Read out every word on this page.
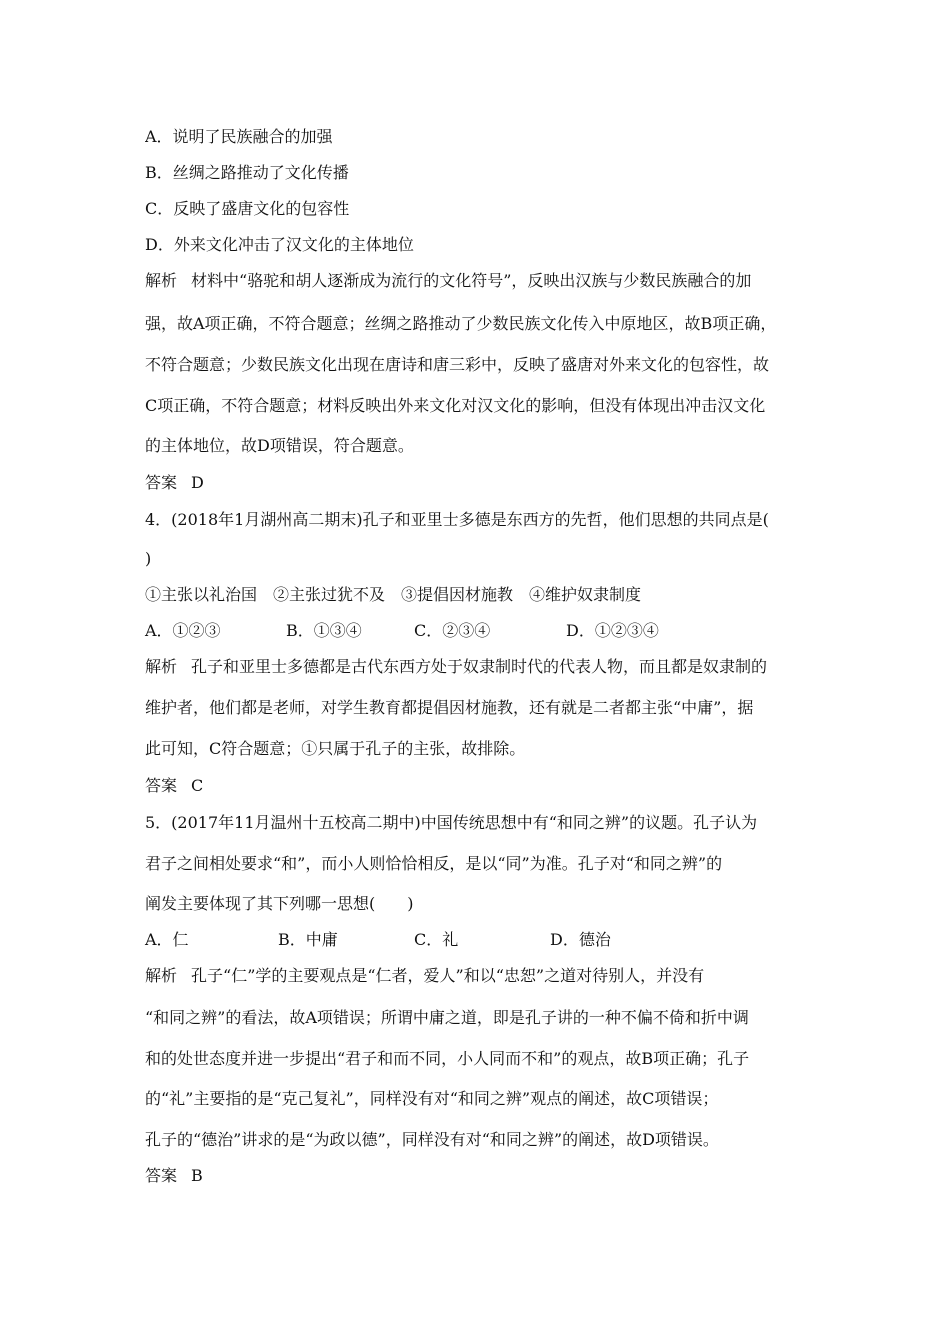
A．说明了民族融合的加强
B．丝绸之路推动了文化传播
C．反映了盛唐文化的包容性
D．外来文化冲击了汉文化的主体地位
解析 材料中“骆驼和胡人逐渐成为流行的文化符号”，反映出汉族与少数民族融合的加
强，故A项正确，不符合题意；丝绸之路推动了少数民族文化传入中原地区，故B项正确，
不符合题意；少数民族文化出现在唐诗和唐三彩中，反映了盛唐对外来文化的包容性，故
C项正确，不符合题意；材料反映出外来文化对汉文化的影响，但没有体现出冲击汉文化
的主体地位，故D项错误，符合题意。
答案 D
4．(2018年1月湖州高二期末)孔子和亚里士多德是东西方的先哲，他们思想的共同点是(
)
①主张以礼治国　②主张过犹不及　③提倡因材施教　④维护奴隶制度
A．①②③	B．①③④	C．②③④	D．①②③④
解析 孔子和亚里士多德都是古代东西方处于奴隶制时代的代表人物，而且都是奴隶制的
维护者，他们都是老师，对学生教育都提倡因材施教，还有就是二者都主张“中庸”，据
此可知，C符合题意；①只属于孔子的主张，故排除。
答案 C
5．(2017年11月温州十五校高二期中)中国传统思想中有“和同之辨”的议题。孔子认为
君子之间相处要求“和”，而小人则恰恰相反，是以“同”为准。孔子对“和同之辨”的
阐发主要体现了其下列哪一思想(　　)
A．仁	B．中庸	C．礼	D．德治
解析 孔子“仁”学的主要观点是“仁者，爱人”和以“忠恕”之道对待别人，并没有
“和同之辨”的看法，故A项错误；所谓中庸之道，即是孔子讲的一种不偏不倚和折中调
和的处世态度并进一步提出“君子和而不同，小人同而不和”的观点，故B项正确；孔子
的“礼”主要指的是“克己复礼”，同样没有对“和同之辨”观点的阐述，故C项错误；
孔子的“德治”讲求的是“为政以德”，同样没有对“和同之辨”的阐述，故D项错误。
答案 B
